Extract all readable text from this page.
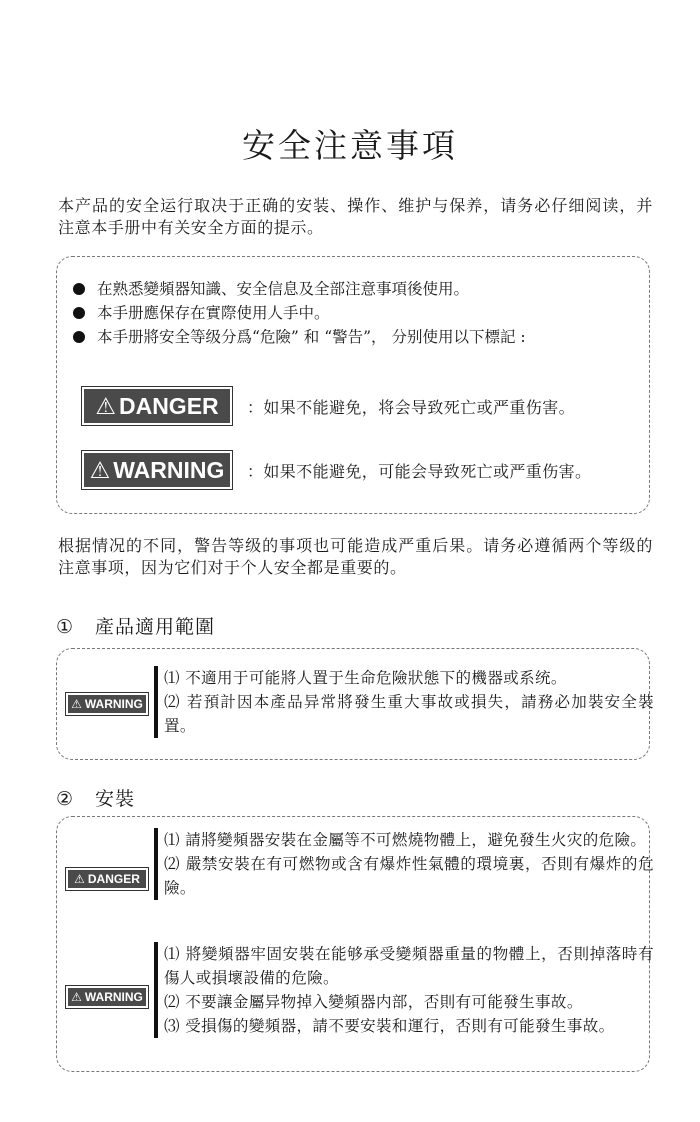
安全注意事項
本产品的安全运行取决于正确的安装、操作、维护与保养，请务必仔细阅读，并注意本手册中有关安全方面的提示。
在熟悉變頻器知識、安全信息及全部注意事項後使用。
本手册應保存在實際使用人手中。
本手册將安全等级分爲“危險” 和 “警告”， 分别使用以下標記 :
⚠ DANGER ：如果不能避免，将会导致死亡或严重伤害。
⚠ WARNING ：如果不能避免，可能会导致死亡或严重伤害。
根据情况的不同，警告等级的事项也可能造成严重后果。请务必遵循两个等级的注意事项，因为它们对于个人安全都是重要的。
① 產品適用範圍
⚠ WARNING
⑴ 不適用于可能將人置于生命危險狀態下的機器或系统。
⑵ 若預計因本產品异常將發生重大事故或損失，請務必加裝安全裝置。
② 安裝
⚠ DANGER
⑴ 請將變頻器安裝在金屬等不可燃燒物體上，避免發生火灾的危險。
⑵ 嚴禁安裝在有可燃物或含有爆炸性氣體的環境裏，否則有爆炸的危險。
⚠ WARNING
⑴ 將變頻器牢固安裝在能够承受變頻器重量的物體上，否則掉落時有傷人或損壞設備的危險。
⑵ 不要讓金屬异物掉入變頻器内部，否則有可能發生事故。
⑶ 受損傷的變頻器，請不要安裝和運行，否則有可能發生事故。
